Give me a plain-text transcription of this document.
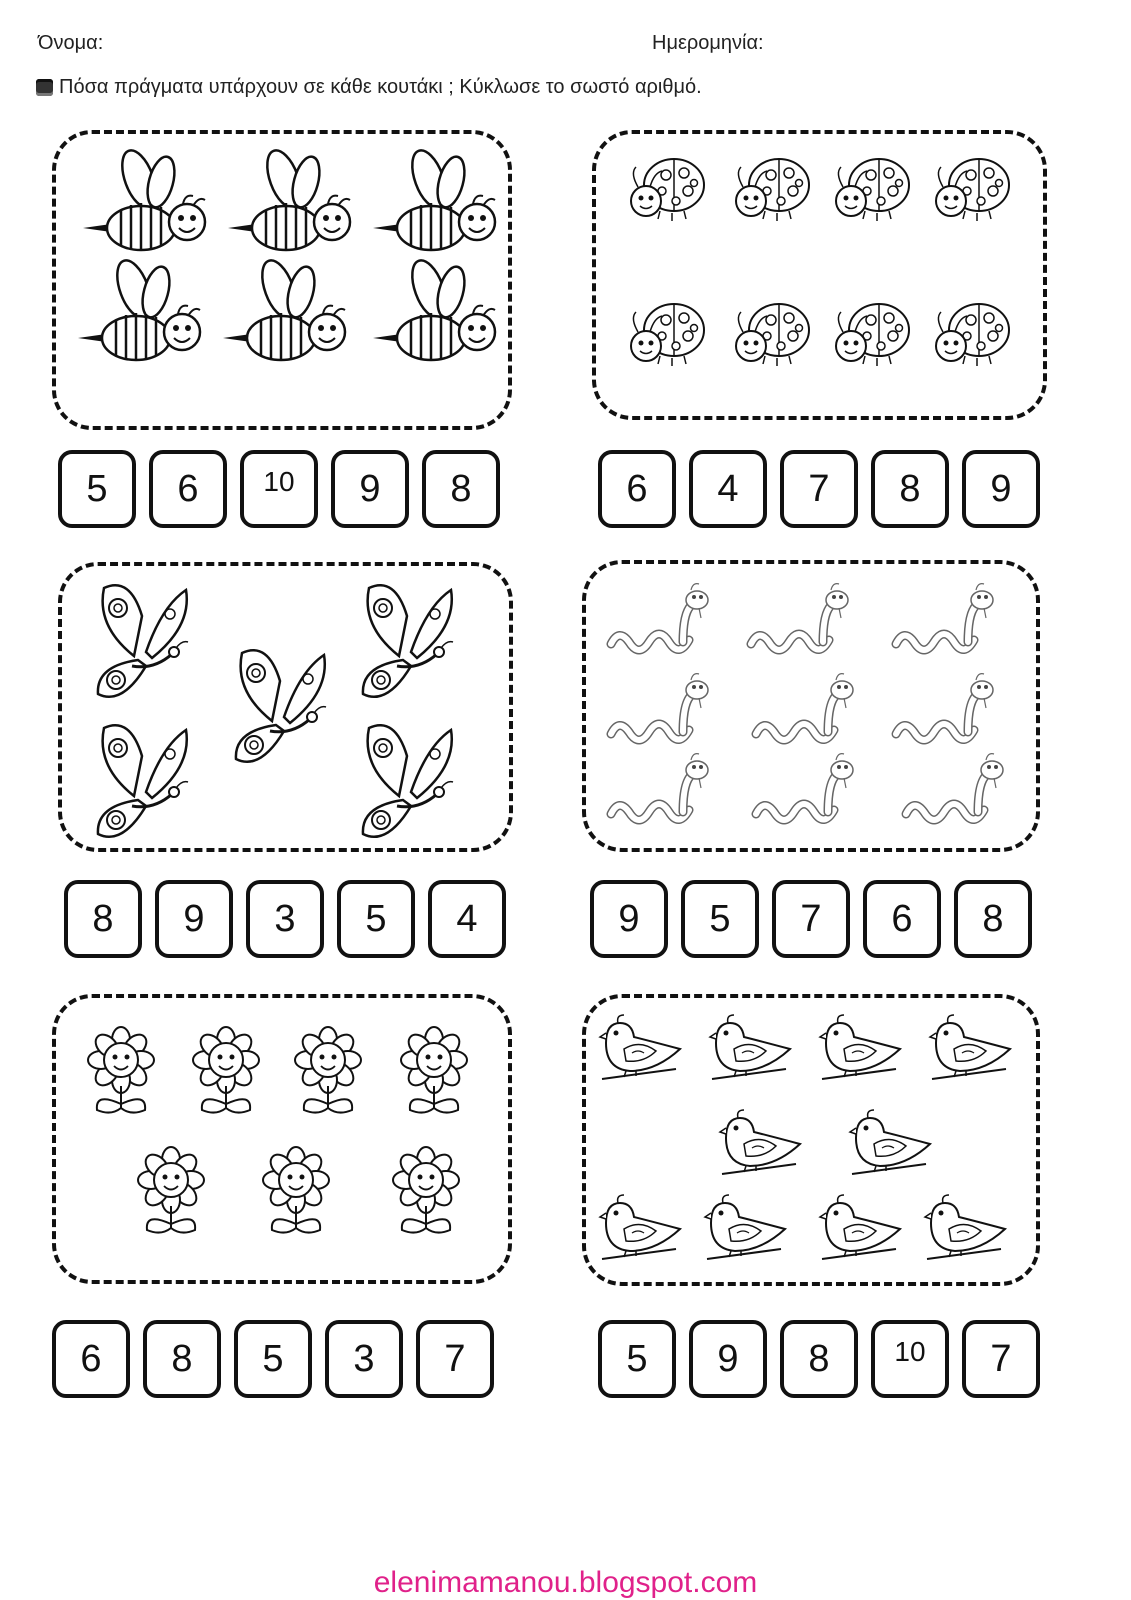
Όνομα:	Ημερομηνία:
Πόσα πράγματα υπάρχουν σε κάθε κουτάκι ; Κύκλωσε το σωστό αριθμό.
5	6	10	9	8	6	4	7	8	9
8	9	3	5	4	9	5	7	6	8
6	8	5	3	7	5	9	8	10	7
elenimamanou.blogspot.com
